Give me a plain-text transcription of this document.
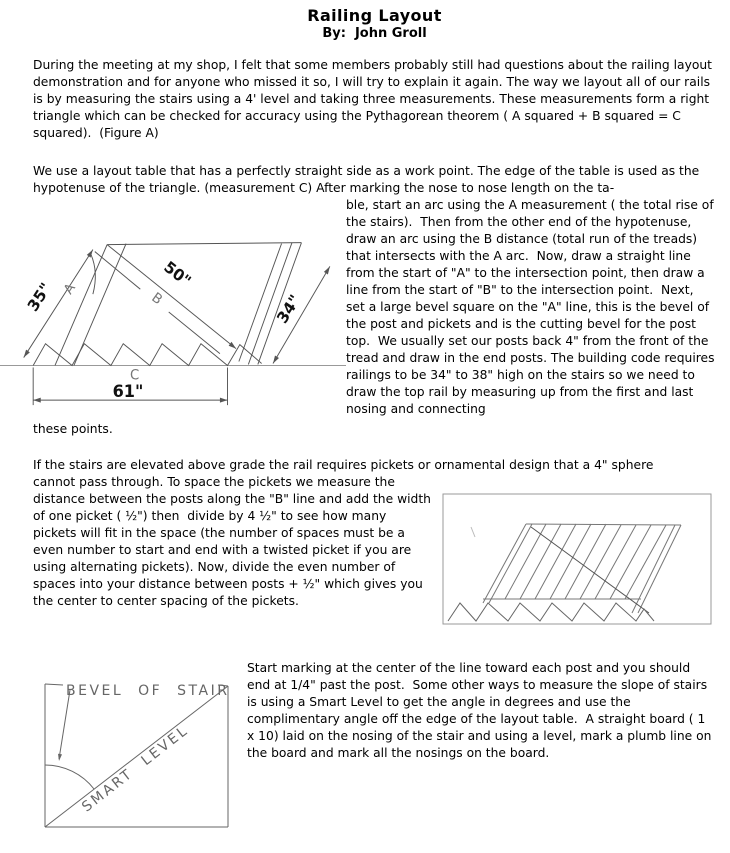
Railing Layout
By:  John Groll
During the meeting at my shop, I felt that some members probably still had questions about the railing layout demonstration and for anyone who missed it so, I will try to explain it again. The way we layout all of our rails is by measuring the stairs using a 4' level and taking three measurements. These measurements form a right triangle which can be checked for accuracy using the Pythagorean theorem ( A squared + B squared = C squared).  (Figure A)
We use a layout table that has a perfectly straight side as a work point. The edge of the table is used as the hypotenuse of the triangle. (measurement C) After marking the nose to nose length on the ta-
35" A	50"
B	34"
C
61"
ble, start an arc using the A measurement ( the total rise of the stairs).  Then from the other end of the hypotenuse, draw an arc using the B distance (total run of the treads) that intersects with the A arc.  Now, draw a straight line from the start of "A" to the intersection point, then draw a line from the start of "B" to the intersection point.  Next, set a large bevel square on the "A" line, this is the bevel of the post and pickets and is the cutting bevel for the post top.  We usually set our posts back 4" from the front of the tread and draw in the end posts. The building code requires railings to be 34" to 38" high on the stairs so we need to draw the top rail by measuring up from the first and last nosing and connecting
these points.
If the stairs are elevated above grade the rail requires pickets or ornamental design that a 4" sphere
cannot pass through. To space the pickets we measure the distance between the posts along the "B" line and add the width of one picket ( ½") then  divide by 4 ½" to see how many pickets will fit in the space (the number of spaces must be a even number to start and end with a twisted picket if you are using alternating pickets). Now, divide the even number of spaces into your distance between posts + ½" which gives you the center to center spacing of the pickets.
BEVEL OF STAIR
SMART LEVEL
Start marking at the center of the line toward each post and you should end at 1/4" past the post.  Some other ways to measure the slope of stairs is using a Smart Level to get the angle in degrees and use the complimentary angle off the edge of the layout table.  A straight board ( 1 x 10) laid on the nosing of the stair and using a level, mark a plumb line on the board and mark all the nosings on the board.
